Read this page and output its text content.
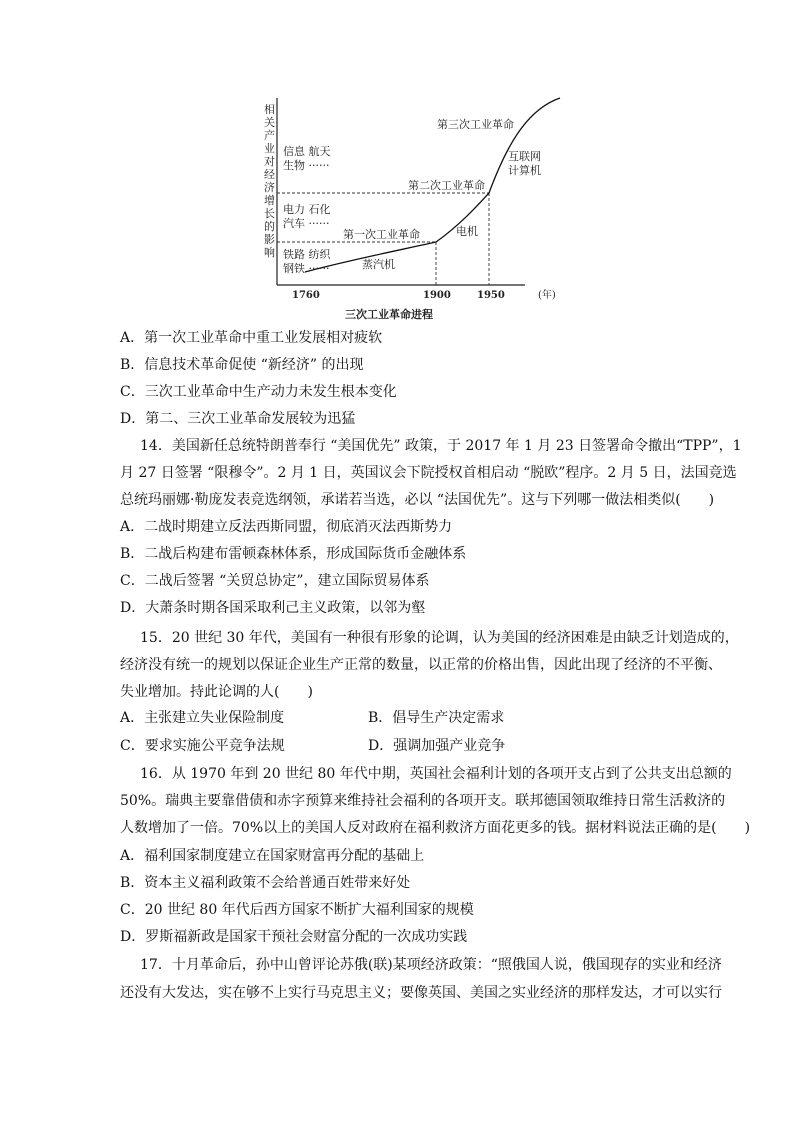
相关产业对经济增长的影响
信息 航天
生物 ······
电力 石化
汽车 ······
铁路 纺织
钢铁 ······
第一次工业革命
第二次工业革命
第三次工业革命
蒸汽机
电机
互联网
计算机
1760	1900	1950	(年)
三次工业革命进程
A．第一次工业革命中重工业发展相对疲软
B．信息技术革命促使 “新经济” 的出现
C．三次工业革命中生产动力未发生根本变化
D．第二、三次工业革命发展较为迅猛
14．美国新任总统特朗普奉行 “美国优先” 政策，于 2017 年 1 月 23 日签署命令撤出“TPP”，1
月 27 日签署 “限穆令”。2 月 1 日，英国议会下院授权首相启动 “脱欧”程序。2 月 5 日，法国竞选
总统玛丽娜·勒庞发表竞选纲领，承诺若当选，必以 “法国优先”。这与下列哪一做法相类似(　　)
A．二战时期建立反法西斯同盟，彻底消灭法西斯势力
B．二战后构建布雷顿森林体系，形成国际货币金融体系
C．二战后签署 “关贸总协定”，建立国际贸易体系
D．大萧条时期各国采取利己主义政策，以邻为壑
15．20 世纪 30 年代，美国有一种很有形象的论调，认为美国的经济困难是由缺乏计划造成的，
经济没有统一的规划以保证企业生产正常的数量，以正常的价格出售，因此出现了经济的不平衡、
失业增加。持此论调的人(　　)
A．主张建立失业保险制度	B．倡导生产决定需求
C．要求实施公平竞争法规	D．强调加强产业竞争
16．从 1970 年到 20 世纪 80 年代中期，英国社会福利计划的各项开支占到了公共支出总额的
50%。瑞典主要靠借债和赤字预算来维持社会福利的各项开支。联邦德国领取维持日常生活救济的
人数增加了一倍。70%以上的美国人反对政府在福利救济方面花更多的钱。据材料说法正确的是(　　)
A．福利国家制度建立在国家财富再分配的基础上
B．资本主义福利政策不会给普通百姓带来好处
C．20 世纪 80 年代后西方国家不断扩大福利国家的规模
D．罗斯福新政是国家干预社会财富分配的一次成功实践
17．十月革命后，孙中山曾评论苏俄(联)某项经济政策：“照俄国人说，俄国现存的实业和经济
还没有大发达，实在够不上实行马克思主义；要像英国、美国之实业经济的那样发达，才可以实行
